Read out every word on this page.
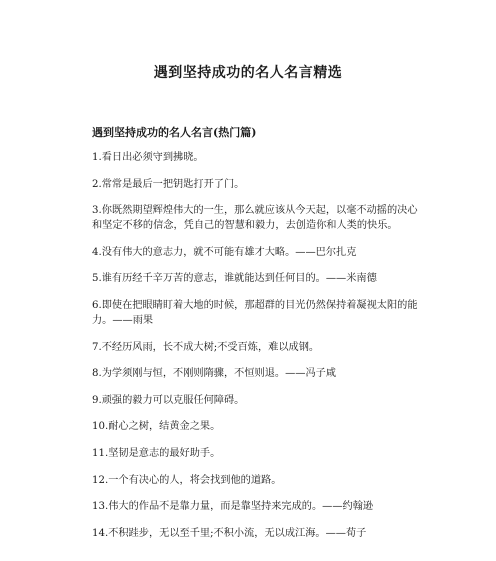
遇到坚持成功的名人名言精选
遇到坚持成功的名人名言(热门篇)
1.看日出必须守到拂晓。
2.常常是最后一把钥匙打开了门。
3.你既然期望辉煌伟大的一生，那么就应该从今天起，以毫不动摇的决心和坚定不移的信念，凭自己的智慧和毅力，去创造你和人类的快乐。
4.没有伟大的意志力，就不可能有雄才大略。——巴尔扎克
5.谁有历经千辛万苦的意志，谁就能达到任何目的。——米南德
6.即使在把眼睛盯着大地的时候，那超群的目光仍然保持着凝视太阳的能力。——雨果
7.不经历风雨，长不成大树;不受百炼，难以成钢。
8.为学须刚与恒，不刚则隋骤，不恒则退。——冯子咸
9.顽强的毅力可以克服任何障碍。
10.耐心之树，结黄金之果。
11.坚韧是意志的最好助手。
12.一个有决心的人，将会找到他的道路。
13.伟大的作品不是靠力量，而是靠坚持来完成的。——约翰逊
14.不积跬步，无以至千里;不积小流，无以成江海。——荀子
